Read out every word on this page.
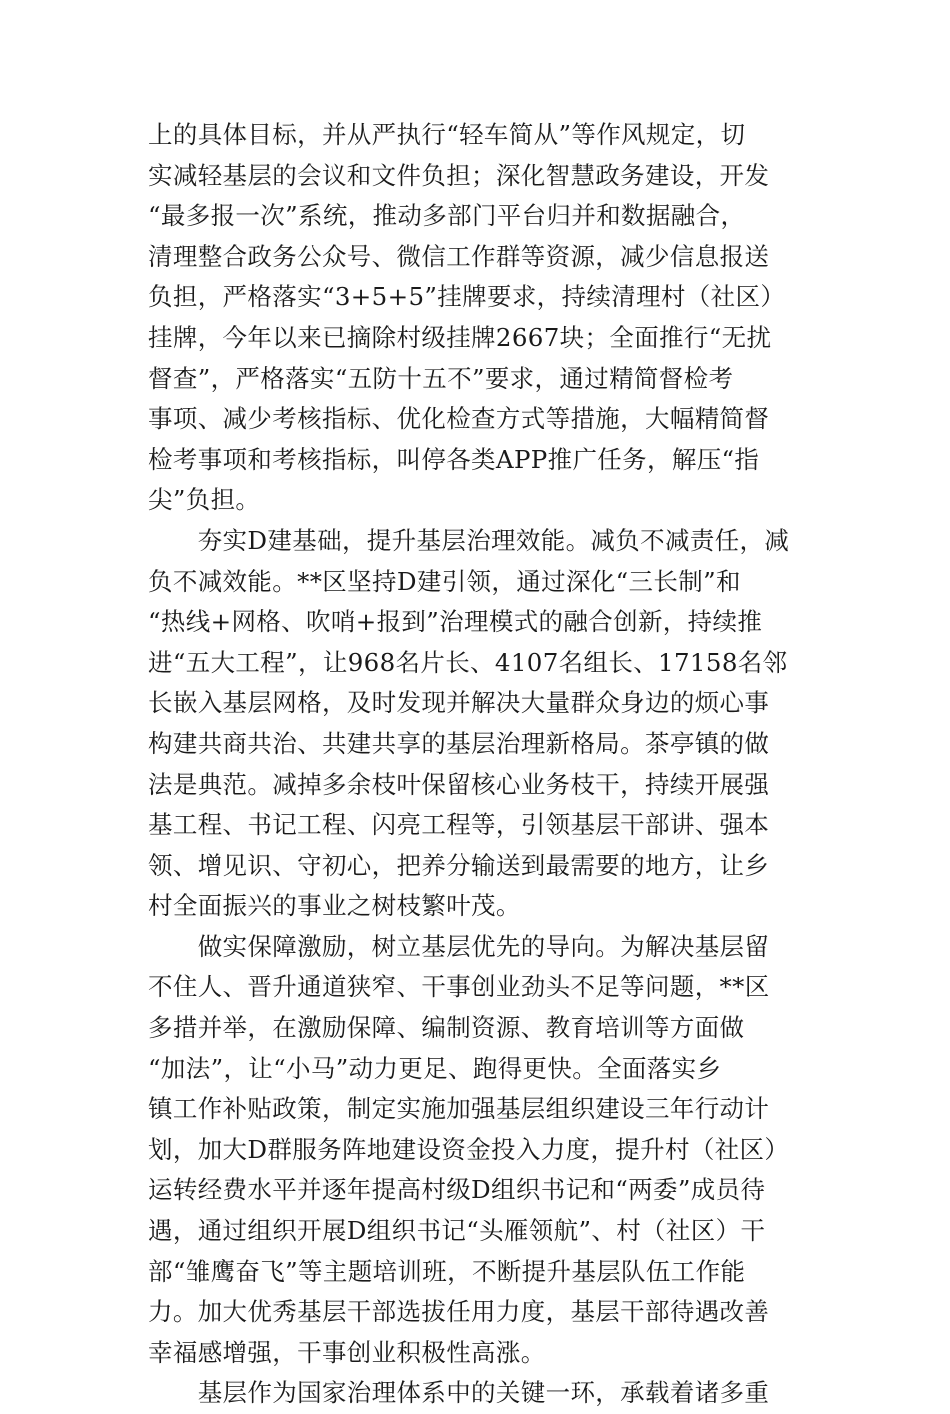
上的具体目标，并从严执行“轻车简从”等作风规定，切
实减轻基层的会议和文件负担；深化智慧政务建设，开发
“最多报一次”系统，推动多部门平台归并和数据融合，
清理整合政务公众号、微信工作群等资源，减少信息报送
负担，严格落实“3+5+5”挂牌要求，持续清理村（社区）
挂牌，今年以来已摘除村级挂牌2667块；全面推行“无扰
督查”，严格落实“五防十五不”要求，通过精简督检考
事项、减少考核指标、优化检查方式等措施，大幅精简督
检考事项和考核指标，叫停各类APP推广任务，解压“指
尖”负担。
　　夯实D建基础，提升基层治理效能。减负不减责任，减
负不减效能。**区坚持D建引领，通过深化“三长制”和
“热线+网格、吹哨+报到”治理模式的融合创新，持续推
进“五大工程”，让968名片长、4107名组长、17158名邻
长嵌入基层网格，及时发现并解决大量群众身边的烦心事
构建共商共治、共建共享的基层治理新格局。茶亭镇的做
法是典范。减掉多余枝叶保留核心业务枝干，持续开展强
基工程、书记工程、闪亮工程等，引领基层干部讲、强本
领、增见识、守初心，把养分输送到最需要的地方，让乡
村全面振兴的事业之树枝繁叶茂。
　　做实保障激励，树立基层优先的导向。为解决基层留
不住人、晋升通道狭窄、干事创业劲头不足等问题，**区
多措并举，在激励保障、编制资源、教育培训等方面做
“加法”，让“小马”动力更足、跑得更快。全面落实乡
镇工作补贴政策，制定实施加强基层组织建设三年行动计
划，加大D群服务阵地建设资金投入力度，提升村（社区）
运转经费水平并逐年提高村级D组织书记和“两委”成员待
遇，通过组织开展D组织书记“头雁领航”、村（社区）干
部“雏鹰奋飞”等主题培训班，不断提升基层队伍工作能
力。加大优秀基层干部选拔任用力度，基层干部待遇改善
幸福感增强，干事创业积极性高涨。
　　基层作为国家治理体系中的关键一环，承载着诸多重
